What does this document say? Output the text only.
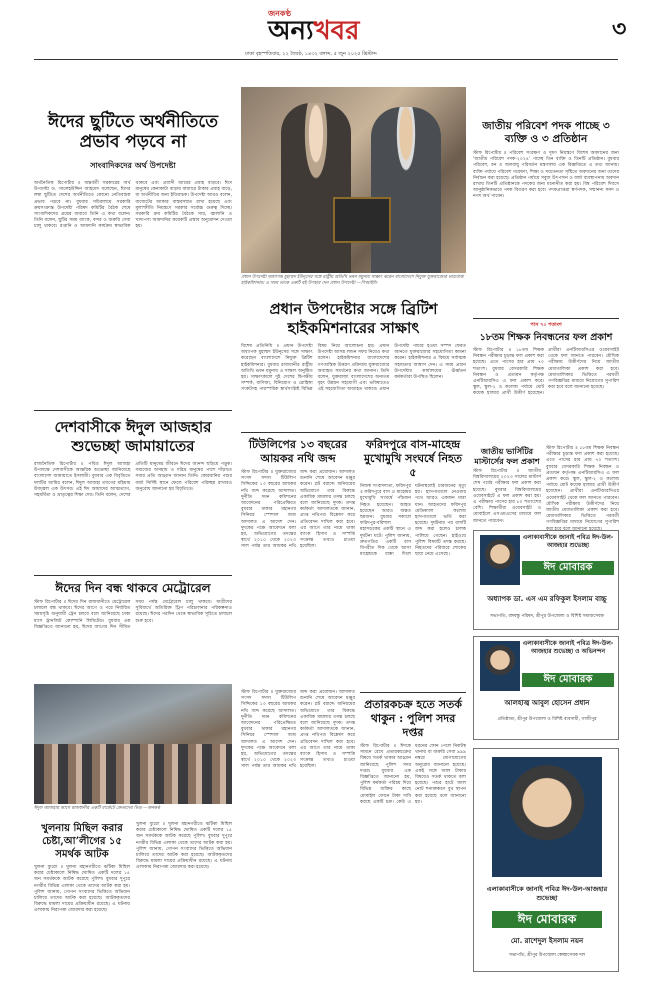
জনকণ্ঠ
অন্যখবর	৩
ঢাকা বৃহস্পতিবার, ২২ জ্যৈষ্ঠ, ১৪৩২ বঙ্গাব্দ, ৫ জুন ২০২৫ খ্রিস্টাব্দ
ঈদের ছুটিতে অর্থনীতিতে প্রভাব পড়বে না
সাংবাদিকদের অর্থ উপদেষ্টা
অর্থনৈতিক রিপোর্টার ॥ অন্তর্বর্তী সরকারের অর্থ উপদেষ্টা ড. সালেহউদ্দিন আহমেদ বলেছেন, ঈদের লম্বা ছুটিতে দেশের অর্থনীতিতে কোনো নেতিবাচক প্রভাব পড়বে না। বুধবার সচিবালয়ে সরকারি ক্রয়সংক্রান্ত উপদেষ্টা পরিষদ কমিটির বৈঠক শেষে সাংবাদিকদের প্রশ্নের জবাবে তিনি এ কথা বলেন। তিনি বলেন, ছুটির সময় ব্যাংক, বন্দর ও জরুরি সেবা চালু থাকবে। রপ্তানি ও আমদানি কার্যক্রম স্বাভাবিক থাকবে এবং প্রবাসী আয়ের প্রবাহ বাড়বে। ঈদে মানুষের কেনাকাটা বাড়ায় বাজারে টাকার প্রবাহ বাড়ে, যা অর্থনীতির জন্য ইতিবাচক। উপদেষ্টা আরও বলেন, বাজেটের আকার বাস্তবসম্মত রাখা হয়েছে এবং মূল্যস্ফীতি নিয়ন্ত্রণে সরকার সর্বোচ্চ গুরুত্ব দিচ্ছে। সরকারি ক্রয় কমিটির বৈঠকে সার, জ্বালানি ও খাদ্যপণ্য আমদানির কয়েকটি প্রস্তাব অনুমোদন দেওয়া হয়।
প্রধান উপদেষ্টা অধ্যাপক মুহাম্মদ ইউনূসের সঙ্গে রাষ্ট্রীয় অতিথি ভবন যমুনায় সাক্ষাৎ করেন বাংলাদেশে নিযুক্ত যুক্তরাজ্যের ভারপ্রাপ্ত হাইকমিশনার। এ সময় তাকে একটি বই উপহার দেন প্রধান উপদেষ্টা —পিআইডি
প্রধান উপদেষ্টার সঙ্গে ব্রিটিশ হাইকমিশনারের সাক্ষাৎ
বিশেষ প্রতিনিধি ॥ প্রধান উপদেষ্টা অধ্যাপক মুহাম্মদ ইউনূসের সঙ্গে সাক্ষাৎ করেছেন বাংলাদেশে নিযুক্ত ব্রিটিশ হাইকমিশনার। বুধবার রাজধানীর রাষ্ট্রীয় অতিথি ভবন যমুনায় এ সাক্ষাৎ অনুষ্ঠিত হয়। সাক্ষাৎকালে দুই দেশের দ্বিপক্ষীয় সম্পর্ক, বাণিজ্য, বিনিয়োগ ও রোহিঙ্গা সংকটসহ পারস্পরিক স্বার্থসংশ্লিষ্ট বিভিন্ন বিষয় নিয়ে আলোচনা হয়। প্রধান উপদেষ্টা আসন্ন লন্ডন সফর নিয়েও কথা বলেন। হাইকমিশনার বাংলাদেশের গণতান্ত্রিক উত্তরণ প্রক্রিয়ায় যুক্তরাজ্যের অব্যাহত সমর্থনের কথা জানান। তিনি বলেন, যুক্তরাজ্য বাংলাদেশের অন্যতম বৃহৎ উন্নয়ন সহযোগী এবং ভবিষ্যতেও এই সহযোগিতা অব্যাহত থাকবে। প্রধান উপদেষ্টা পাচার হওয়া সম্পদ ফেরত আনতে যুক্তরাজ্যের সহযোগিতা কামনা করেন। হাইকমিশনার এ বিষয়ে সর্বাত্মক সহায়তার আশ্বাস দেন। এ সময় প্রধান উপদেষ্টার কার্যালয়ের ঊর্ধ্বতন কর্মকর্তারা উপস্থিত ছিলেন।
দেশবাসীকে ঈদুল আজহার শুভেচ্ছা জামায়াতের
রাজনৈতিক রিপোর্টার ॥ পবিত্র ঈদুল আজহা উপলক্ষে দেশবাসীকে আন্তরিক শুভেচ্ছা জানিয়েছে বাংলাদেশ জামায়াতে ইসলামী। বুধবার এক বিবৃতিতে দলটির আমির বলেন, ঈদুল আজহা ত্যাগের মহিমায় উজ্জ্বল এক উৎসব। এই ঈদ আমাদের আত্মত্যাগ, সহমর্মিতা ও ভ্রাতৃত্বের শিক্ষা দেয়। তিনি বলেন, দেশের প্রতিটি মানুষের জীবনে ঈদের আনন্দ ছড়িয়ে পড়ুক। সমাজের অসহায় ও দরিদ্র মানুষের পাশে দাঁড়াতে সবার প্রতি আহ্বান জানান তিনি। কোরবানির পশুর বর্জ্য নির্দিষ্ট স্থানে ফেলে পরিবেশ পরিচ্ছন্ন রাখারও অনুরোধ জানানো হয় বিবৃতিতে।
ঈদের দিন বন্ধ থাকবে মেট্রোরেল
স্টাফ রিপোর্টার ॥ ঈদের দিন রাজধানীতে মেট্রোরেল চলাচল বন্ধ থাকবে। ঈদের আগে ও পরে নির্ধারিত সময়সূচি অনুযায়ী ট্রেন চলবে বলে জানিয়েছে ঢাকা ম্যাস ট্রানজিট কোম্পানি লিমিটেড। বুধবার এক বিজ্ঞপ্তিতে জানানো হয়, ঈদের আগের দিন সীমিত সময় পর্যন্ত মেট্রোরেল চালু থাকবে। যাত্রীদের সুবিধার্থে অতিরিক্ত ট্রিপ পরিচালনার পরিকল্পনাও রয়েছে। ঈদের পরদিন থেকে স্বাভাবিক সূচিতে চলাচল শুরু হবে।
ঈদুল আজহার আগে রাজধানীর একটি মার্কেটে ক্রেতাদের ভিড় —জনকণ্ঠ
খুলনায় মিছিল করার চেষ্টা,আ’লীগের ১৫ সমর্থক আটক
খুলনা ব্যুরো ॥ খুলনা মহানগরীতে ঝটিকা মিছিল করার চেষ্টাকালে নিষিদ্ধ ঘোষিত একটি দলের ১৫ জন সমর্থককে আটক করেছে পুলিশ। বুধবার দুপুরে নগরীর বিভিন্ন এলাকা থেকে তাদের আটক করা হয়। পুলিশ জানায়, গোপন সংবাদের ভিত্তিতে অভিযান চালিয়ে তাদের আটক করা হয়েছে। আটককৃতদের বিরুদ্ধে মামলা দায়ের প্রক্রিয়াধীন রয়েছে। এ ঘটনায় এলাকায় নিরাপত্তা জোরদার করা হয়েছে।
খুলনা ব্যুরো ॥ খুলনা মহানগরীতে ঝটিকা মিছিল করার চেষ্টাকালে নিষিদ্ধ ঘোষিত একটি দলের ১৫ জন সমর্থককে আটক করেছে পুলিশ। বুধবার দুপুরে নগরীর বিভিন্ন এলাকা থেকে তাদের আটক করা হয়। পুলিশ জানায়, গোপন সংবাদের ভিত্তিতে অভিযান চালিয়ে তাদের আটক করা হয়েছে। আটককৃতদের বিরুদ্ধে মামলা দায়ের প্রক্রিয়াধীন রয়েছে। এ ঘটনায় এলাকায় নিরাপত্তা জোরদার করা হয়েছে।
টিউলিপের ১৩ বছরের আয়কর নথি জব্দ
স্টাফ রিপোর্টার ॥ যুক্তরাজ্যের সংসদ সদস্য টিউলিপ সিদ্দিকের ১৩ বছরের আয়কর নথি জব্দ করেছে আদালত। দুর্নীতি দমন কমিশনের আবেদনের পরিপ্রেক্ষিতে বুধবার ঢাকার মহানগর সিনিয়র স্পেশাল জজ আদালত এ আদেশ দেন। দুদকের পক্ষে আবেদনে বলা হয়, অভিযোগের তদন্তের স্বার্থে ২০১০ থেকে ২০২৩ সাল পর্যন্ত তার আয়কর নথি জব্দ করা প্রয়োজন। আদালত শুনানি শেষে আবেদন মঞ্জুর করেন। প্লট বরাদ্দে অনিয়মের অভিযোগে তার বিরুদ্ধে একাধিক মামলার তদন্ত চলছে বলে জানিয়েছে দুদক। তদন্ত কর্মকর্তা আদালতকে জানান, প্রাপ্ত নথিপত্র বিশ্লেষণ করে প্রতিবেদন দাখিল করা হবে। এর আগে তার নামে থাকা ব্যাংক হিসাব ও সম্পত্তি সংক্রান্ত তথ্যও চাওয়া হয়েছিল।
ফরিদপুরে বাস-মাহেন্দ্র মুখোমুখি সংঘর্ষে নিহত ৫
নিজস্ব সংবাদদাতা, ফরিদপুর ॥ ফরিদপুরে বাস ও মাহেন্দ্রর মুখোমুখি সংঘর্ষে পাঁচজন নিহত হয়েছেন। আহত হয়েছেন আরও অন্তত ছয়জন। বুধবার সকালে ফরিদপুর-বরিশাল মহাসড়কের একটি স্থানে এ দুর্ঘটনা ঘটে। পুলিশ জানায়, দ্রুতগতির একটি বাস বিপরীত দিক থেকে আসা মাহেন্দ্রকে ধাক্কা দিলে ঘটনাস্থলেই চারজনের মৃত্যু হয়। হাসপাতালে নেওয়ার পথে আরও একজন মারা যান। আহতদের ফরিদপুর মেডিক্যাল কলেজ হাসপাতালে ভর্তি করা হয়েছে। দুর্ঘটনার পর বাসটি জব্দ করা হলেও চালক পালিয়ে গেছেন। হাইওয়ে পুলিশ বিষয়টি তদন্ত করছে। নিহতদের পরিবারে শোকের ছায়া নেমে এসেছে।
স্টাফ রিপোর্টার ॥ যুক্তরাজ্যের সংসদ সদস্য টিউলিপ সিদ্দিকের ১৩ বছরের আয়কর নথি জব্দ করেছে আদালত। দুর্নীতি দমন কমিশনের আবেদনের পরিপ্রেক্ষিতে বুধবার ঢাকার মহানগর সিনিয়র স্পেশাল জজ আদালত এ আদেশ দেন। দুদকের পক্ষে আবেদনে বলা হয়, অভিযোগের তদন্তের স্বার্থে ২০১০ থেকে ২০২৩ সাল পর্যন্ত তার আয়কর নথি জব্দ করা প্রয়োজন। আদালত শুনানি শেষে আবেদন মঞ্জুর করেন। প্লট বরাদ্দে অনিয়মের অভিযোগে তার বিরুদ্ধে একাধিক মামলার তদন্ত চলছে বলে জানিয়েছে দুদক। তদন্ত কর্মকর্তা আদালতকে জানান, প্রাপ্ত নথিপত্র বিশ্লেষণ করে প্রতিবেদন দাখিল করা হবে। এর আগে তার নামে থাকা ব্যাংক হিসাব ও সম্পত্তি সংক্রান্ত তথ্যও চাওয়া হয়েছিল।
প্রতারকচক্র হতে সতর্ক থাকুন : পুলিশ সদর দপ্তর
স্টাফ রিপোর্টার ॥ ঈদকে সামনে রেখে প্রতারকচক্রের বিষয়ে সতর্ক থাকার আহ্বান জানিয়েছে পুলিশ সদর দপ্তর। বুধবার এক বিজ্ঞপ্তিতে জানানো হয়, পুলিশ কর্মকর্তা পরিচয় দিয়ে বিভিন্ন ব্যক্তির কাছে মোবাইল ফোনে টাকা দাবি করছে একটি চক্র। কেউ এ ধরনের ফোন পেলে নিকটস্থ থানায় বা জরুরি সেবা ৯৯৯ নম্বরে যোগাযোগের অনুরোধ জানানো হয়েছে। একই সঙ্গে জাল টাকার বিষয়েও সতর্ক থাকতে বলা হয়েছে। পশুর হাটে জাল নোট শনাক্তকরণ বুথ স্থাপন করা হয়েছে বলে জানানো হয়।
জাতীয় পরিবেশ পদক পাচ্ছে ৩ ব্যক্তি ও ৩ প্রতিষ্ঠান
স্টাফ রিপোর্টার ॥ পরিবেশ সংরক্ষণ ও দূষণ নিয়ন্ত্রণে বিশেষ অবদানের জন্য ‘জাতীয় পরিবেশ পদক-২০২৪’ পাচ্ছে তিন ব্যক্তি ও তিনটি প্রতিষ্ঠান। বুধবার পরিবেশ, বন ও জলবায়ু পরিবর্তন মন্ত্রণালয় এক বিজ্ঞপ্তিতে এ তথ্য জানায়। ব্যক্তি পর্যায়ে পরিবেশ গবেষণা, শিক্ষা ও সচেতনতা সৃষ্টিতে অবদানের জন্য তাদের নির্বাচন করা হয়েছে। প্রতিষ্ঠান পর্যায়ে সবুজ উৎপাদন ও বর্জ্য ব্যবস্থাপনায় অবদান রাখায় তিনটি প্রতিষ্ঠানকে পদকের জন্য মনোনীত করা হয়। বিশ্ব পরিবেশ দিবসে আনুষ্ঠানিকভাবে পদক বিতরণ করা হবে। পদকপ্রাপ্তরা স্বর্ণপদক, সম্মাননা সনদ ও নগদ অর্থ পাবেন।
পাস ৭০ শতাংশ
১৮তম শিক্ষক নিবন্ধনের ফল প্রকাশ
স্টাফ রিপোর্টার ॥ ১৮তম শিক্ষক নিবন্ধন পরীক্ষার চূড়ান্ত ফল প্রকাশ করা হয়েছে। এতে পাসের হার প্রায় ৭০ শতাংশ। বুধবার বেসরকারি শিক্ষক নিবন্ধন ও প্রত্যয়ন কর্তৃপক্ষ এনটিআরসিএ এ ফল প্রকাশ করে। স্কুল, স্কুল-২ ও কলেজ পর্যায়ে মোট কয়েক হাজার প্রার্থী উত্তীর্ণ হয়েছেন। প্রার্থীরা এনটিআরসিএর ওয়েবসাইট থেকে ফল জানতে পারবেন। মৌখিক পরীক্ষায় উত্তীর্ণদের নিয়ে জাতীয় মেধাতালিকা প্রকাশ করা হবে। মেধাতালিকার ভিত্তিতে পরবর্তী গণবিজ্ঞপ্তির মাধ্যমে নিয়োগের সুপারিশ করা হবে বলে জানানো হয়েছে।
জাতীয় ভার্সিটির মাস্টার্সের ফল প্রকাশ
স্টাফ রিপোর্টার ॥ জাতীয় বিশ্ববিদ্যালয়ের ২০২৩ সালের মাস্টার্স শেষ পর্বের পরীক্ষার ফল প্রকাশ করা হয়েছে। বুধবার বিশ্ববিদ্যালয়ের ওয়েবসাইটে এ ফল প্রকাশ করা হয়। এ পরীক্ষায় পাসের হার ৮০ শতাংশের বেশি। শিক্ষার্থীরা ওয়েবসাইট ও মোবাইলে এসএমএসের মাধ্যমে ফল জানতে পারবেন।
স্টাফ রিপোর্টার ॥ ১৮তম শিক্ষক নিবন্ধন পরীক্ষার চূড়ান্ত ফল প্রকাশ করা হয়েছে। এতে পাসের হার প্রায় ৭০ শতাংশ। বুধবার বেসরকারি শিক্ষক নিবন্ধন ও প্রত্যয়ন কর্তৃপক্ষ এনটিআরসিএ এ ফল প্রকাশ করে। স্কুল, স্কুল-২ ও কলেজ পর্যায়ে মোট কয়েক হাজার প্রার্থী উত্তীর্ণ হয়েছেন। প্রার্থীরা এনটিআরসিএর ওয়েবসাইট থেকে ফল জানতে পারবেন। মৌখিক পরীক্ষায় উত্তীর্ণদের নিয়ে জাতীয় মেধাতালিকা প্রকাশ করা হবে। মেধাতালিকার ভিত্তিতে পরবর্তী গণবিজ্ঞপ্তির মাধ্যমে নিয়োগের সুপারিশ
এলাকাবাসীকে জানাই পবিত্র ঈদ-উল-আজহার শুভেচ্ছা
ঈদ মোবারক
অধ্যাপক ডা. এস এম রফিকুল ইসলাম বাচ্চু
সভাপতি, বঙ্গবন্ধু পরিষদ, শ্রীপুর উপজেলা ও বিশিষ্ট সমাজসেবক
এলাকাবাসীকে জানাই পবিত্র ঈদ-উল-আজহার শুভেচ্ছা ও অভিনন্দন
ঈদ মোবারক
আলহাজ্ব আবুল হোসেন প্রধান
প্রতিষ্ঠাতা, শ্রীপুর উপজেলা ও বিশিষ্ট ব্যবসায়ী, গাজীপুর
এলাকাবাসীকে জানাই পবিত্র ঈদ-উল-আজহার শুভেচ্ছা
ঈদ মোবারক
মো. রাশেদুল ইসলাম নয়ন
সভাপতি, শ্রীপুর উপজেলা স্বেচ্ছাসেবক দল
